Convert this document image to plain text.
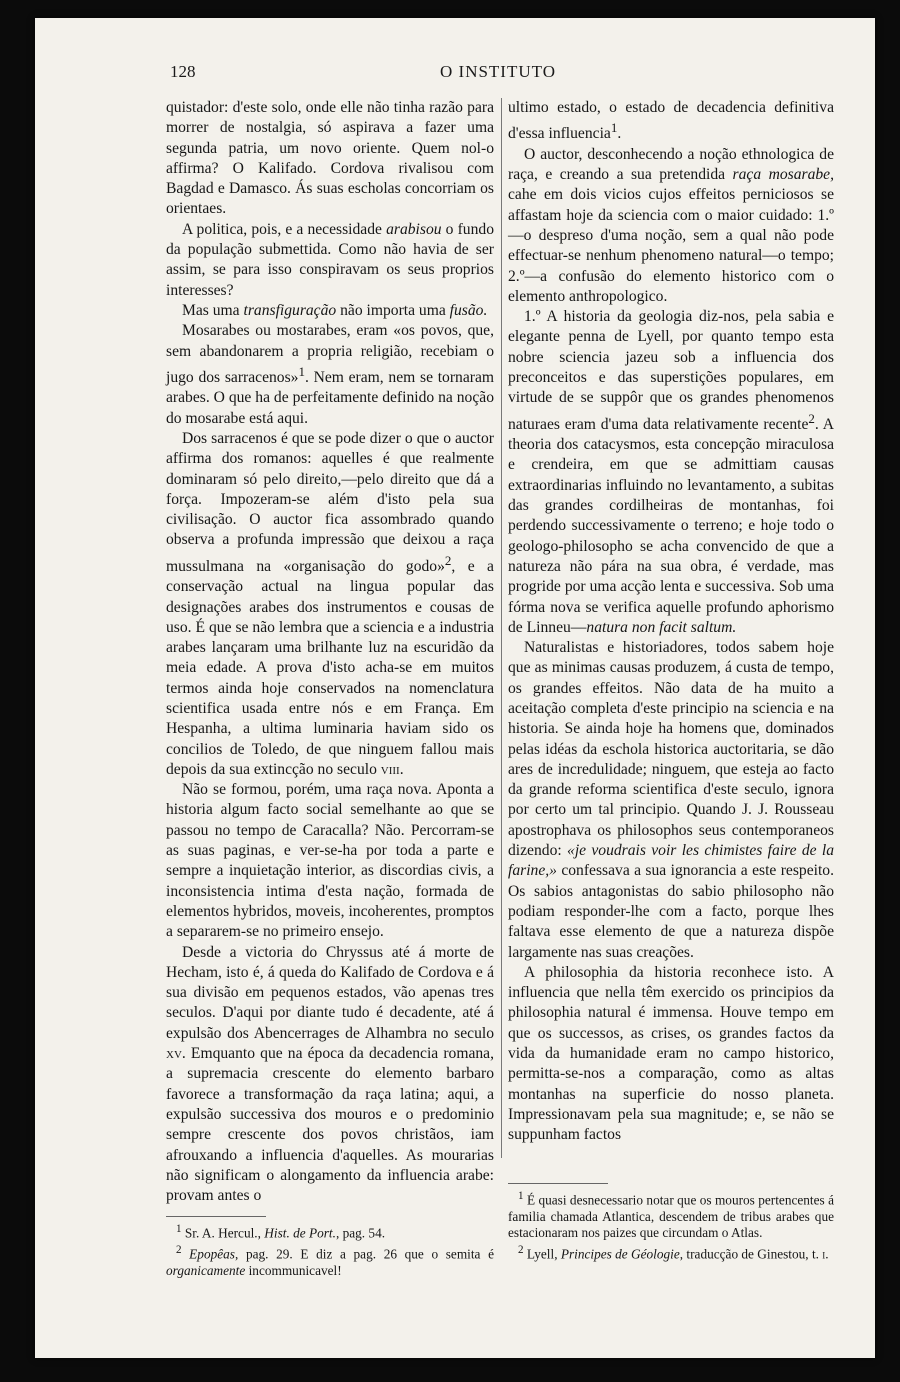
128	O INSTITUTO

quistador: d'este solo, onde elle não tinha razão para morrer de nostalgia, só aspirava a fazer uma segunda patria, um novo oriente. Quem nol-o affirma? O Kalifado. Cordova rivalisou com Bagdad e Damasco. Ás suas escholas concorriam os orientaes.

A politica, pois, e a necessidade arabisou o fundo da população submettida. Como não havia de ser assim, se para isso conspiravam os seus proprios interesses?

Mas uma transfiguração não importa uma fusão.

Mosarabes ou mostarabes, eram «os povos, que, sem abandonarem a propria religião, recebiam o jugo dos sarracenos»$^1$. Nem eram, nem se tornaram arabes. O que ha de perfeitamente definido na noção do mosarabe está aqui.

Dos sarracenos é que se pode dizer o que o auctor affirma dos romanos: aquelles é que realmente dominaram só pelo direito,—pelo direito que dá a força. Impozeram-se além d'isto pela sua civilisação. O auctor fica assombrado quando observa a profunda impressão que deixou a raça mussulmana na «organisação do godo»$^2$, e a conservação actual na lingua popular das designações arabes dos instrumentos e cousas de uso. É que se não lembra que a sciencia e a industria arabes lançaram uma brilhante luz na escuridão da meia edade. A prova d'isto acha-se em muitos termos ainda hoje conservados na nomenclatura scientifica usada entre nós e em França. Em Hespanha, a ultima luminaria haviam sido os concilios de Toledo, de que ninguem fallou mais depois da sua extincção no seculo viii.

Não se formou, porém, uma raça nova. Aponta a historia algum facto social semelhante ao que se passou no tempo de Caracalla? Não. Percorram-se as suas paginas, e ver-se-ha por toda a parte e sempre a inquietação interior, as discordias civis, a inconsistencia intima d'esta nação, formada de elementos hybridos, moveis, incoherentes, promptos a separarem-se no primeiro ensejo.

Desde a victoria do Chryssus até á morte de Hecham, isto é, á queda do Kalifado de Cordova e á sua divisão em pequenos estados, vão apenas tres seculos. D'aqui por diante tudo é decadente, até á expulsão dos Abencerrages de Alhambra no seculo xv. Emquanto que na época da decadencia romana, a supremacia crescente do elemento barbaro favorece a transformação da raça latina; aqui, a expulsão successiva dos mouros e o predominio sempre crescente dos povos christãos, iam afrouxando a influencia d'aquelles. As mourarias não significam o alongamento da influencia arabe: provam antes o

ultimo estado, o estado de decadencia definitiva d'essa influencia$^1$.

O auctor, desconhecendo a noção ethnologica de raça, e creando a sua pretendida raça mosarabe, cahe em dois vicios cujos effeitos perniciosos se affastam hoje da sciencia com o maior cuidado: 1.º—o despreso d'uma noção, sem a qual não pode effectuar-se nenhum phenomeno natural—o tempo; 2.º—a confusão do elemento historico com o elemento anthropologico.

1.º A historia da geologia diz-nos, pela sabia e elegante penna de Lyell, por quanto tempo esta nobre sciencia jazeu sob a influencia dos preconceitos e das superstições populares, em virtude de se suppôr que os grandes phenomenos naturaes eram d'uma data relativamente recente$^2$. A theoria dos catacysmos, esta concepção miraculosa e crendeira, em que se admittiam causas extraordinarias influindo no levantamento, a subitas das grandes cordilheiras de montanhas, foi perdendo successivamente o terreno; e hoje todo o geologo-philosopho se acha convencido de que a natureza não pára na sua obra, é verdade, mas progride por uma acção lenta e successiva. Sob uma fórma nova se verifica aquelle profundo aphorismo de Linneu—natura non facit saltum.

Naturalistas e historiadores, todos sabem hoje que as minimas causas produzem, á custa de tempo, os grandes effeitos. Não data de ha muito a aceitação completa d'este principio na sciencia e na historia. Se ainda hoje ha homens que, dominados pelas idéas da eschola historica auctoritaria, se dão ares de incredulidade; ninguem, que esteja ao facto da grande reforma scientifica d'este seculo, ignora por certo um tal principio. Quando J. J. Rousseau apostrophava os philosophos seus contemporaneos dizendo: «je voudrais voir les chimistes faire de la farine,» confessava a sua ignorancia a este respeito. Os sabios antagonistas do sabio philosopho não podiam responder-lhe com a facto, porque lhes faltava esse elemento de que a natureza dispõe largamente nas suas creações.

A philosophia da historia reconhece isto. A influencia que nella têm exercido os principios da philosophia natural é immensa. Houve tempo em que os successos, as crises, os grandes factos da vida da humanidade eram no campo historico, permitta-se-nos a comparação, como as altas montanhas na superficie do nosso planeta. Impressionavam pela sua magnitude; e, se não se suppunham factos

$^1$ Sr. A. Hercul., Hist. de Port., pag. 54.

$^2$ Epopêas, pag. 29. E diz a pag. 26 que o semita é organicamente incommunicavel!

$^1$ É quasi desnecessario notar que os mouros pertencentes á familia chamada Atlantica, descendem de tribus arabes que estacionaram nos paizes que circundam o Atlas.

$^2$ Lyell, Principes de Géologie, traducção de Ginestou, t. i.
